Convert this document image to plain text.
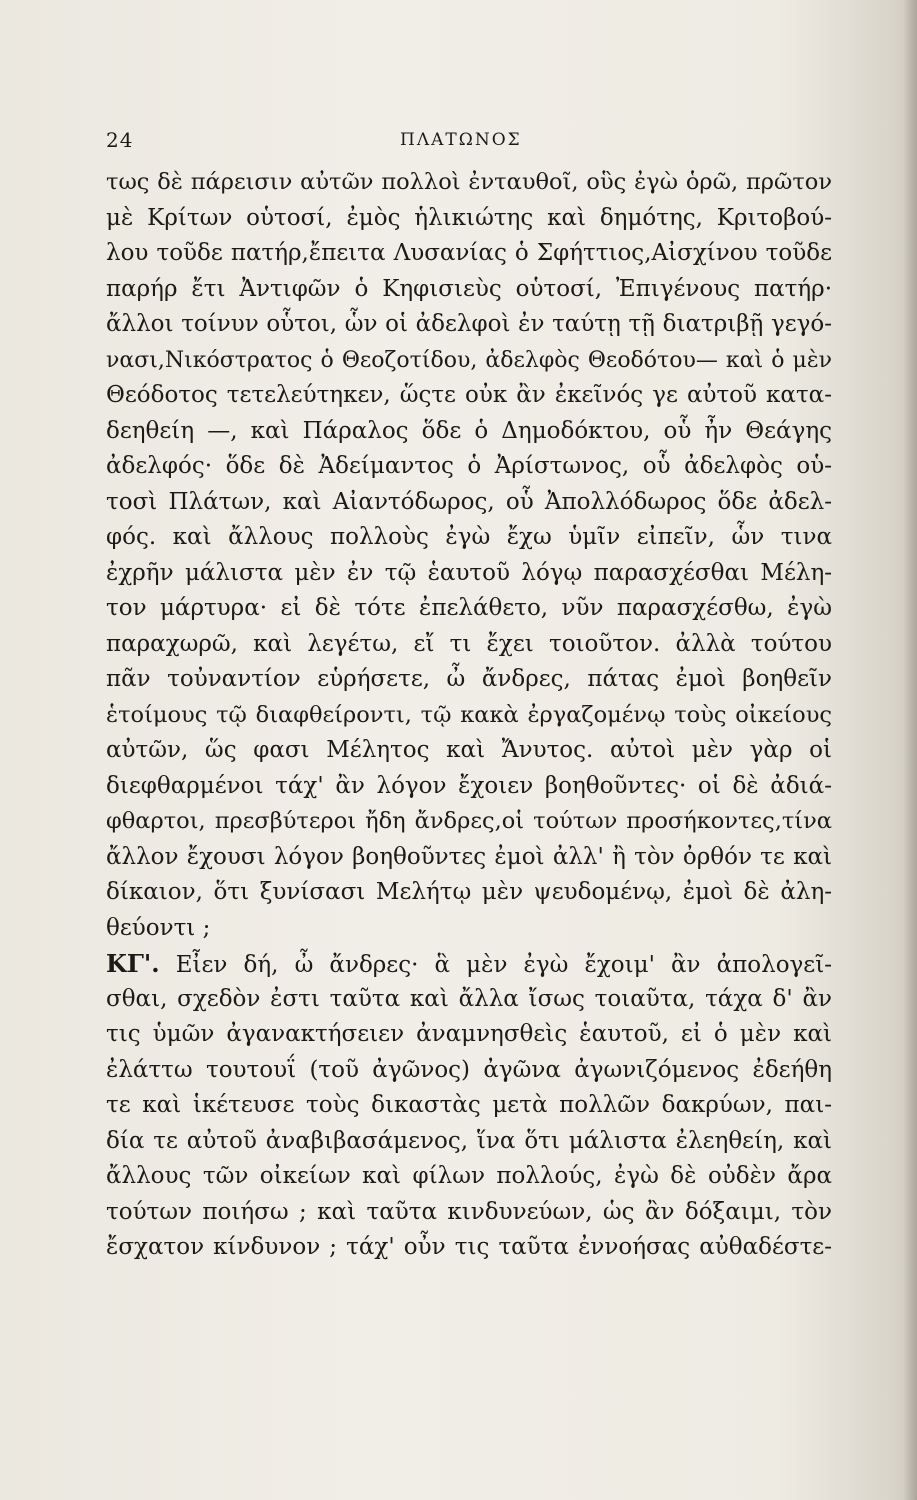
24	ΠΛΑΤΩΝΟΣ
τως δὲ πάρεισιν αὐτῶν πολλοὶ ἐνταυθοῖ, οὓς ἐγὼ ὁρῶ, πρῶτον
μὲ Κρίτων οὑτοσί, ἐμὸς ἡλικιώτης καὶ δημότης, Κριτοβού-
λου τοῦδε πατήρ,ἔπειτα Λυσανίας ὁ Σφήττιος,Αἰσχίνου τοῦδε
παρήρ ἔτι Ἀντιφῶν ὁ Κηφισιεὺς οὑτοσί, Ἐπιγένους πατήρ·
ἄλλοι τοίνυν οὗτοι, ὧν οἱ ἀδελφοὶ ἐν ταύτῃ τῇ διατριβῇ γεγό-
νασι,Νικόστρατος ὁ Θεοζοτίδου, ἀδελφὸς Θεοδότου— καὶ ὁ μὲν
Θεόδοτος τετελεύτηκεν, ὥςτε οὐκ ἂν ἐκεῖνός γε αὐτοῦ κατα-
δεηθείη —, καὶ Πάραλος ὅδε ὁ Δημοδόκτου, οὗ ἦν Θεάγης
ἀδελφός· ὅδε δὲ Ἀδείμαντος ὁ Ἀρίστωνος, οὗ ἀδελφὸς οὑ-
τοσὶ Πλάτων, καὶ Αἰαντόδωρος, οὗ Ἀπολλόδωρος ὅδε ἀδελ-
φός. καὶ ἄλλους πολλοὺς ἐγὼ ἔχω ὑμῖν εἰπεῖν, ὧν τινα
ἐχρῆν μάλιστα μὲν ἐν τῷ ἑαυτοῦ λόγῳ παρασχέσθαι Μέλη-
τον μάρτυρα· εἰ δὲ τότε ἐπελάθετο, νῦν παρασχέσθω, ἐγὼ
παραχωρῶ, καὶ λεγέτω, εἴ τι ἔχει τοιοῦτον. ἀλλὰ τούτου
πᾶν τοὐναντίον εὑρήσετε, ὦ ἄνδρες, πάτας ἐμοὶ βοηθεῖν
ἑτοίμους τῷ διαφθείροντι, τῷ κακὰ ἐργαζομένῳ τοὺς οἰκείους
αὐτῶν, ὥς φασι Μέλητος καὶ Ἄνυτος. αὐτοὶ μὲν γὰρ οἱ
διεφθαρμένοι τάχ' ἂν λόγον ἔχοιεν βοηθοῦντες· οἱ δὲ ἀδιά-
φθαρτοι, πρεσβύτεροι ἤδη ἄνδρες,οἱ τούτων προσήκοντες,τίνα
ἄλλον ἔχουσι λόγον βοηθοῦντες ἐμοὶ ἀλλ' ἢ τὸν ὀρθόν τε καὶ
δίκαιον, ὅτι ξυνίσασι Μελήτῳ μὲν ψευδομένῳ, ἐμοὶ δὲ ἀλη-
θεύοντι ;
ΚΓ'. Εἶεν δή, ὦ ἄνδρες· ἃ μὲν ἐγὼ ἔχοιμ' ἂν ἀπολογεῖ-
σθαι, σχεδὸν ἐστι ταῦτα καὶ ἄλλα ἴσως τοιαῦτα, τάχα δ' ἂν
τις ὑμῶν ἀγανακτήσειεν ἀναμνησθεὶς ἑαυτοῦ, εἰ ὁ μὲν καὶ
ἐλάττω τουτουΐ (τοῦ ἀγῶνος) ἀγῶνα ἀγωνιζόμενος ἐδεήθη
τε καὶ ἱκέτευσε τοὺς δικαστὰς μετὰ πολλῶν δακρύων, παι-
δία τε αὐτοῦ ἀναβιβασάμενος, ἵνα ὅτι μάλιστα ἐλεηθείη, καὶ
ἄλλους τῶν οἰκείων καὶ φίλων πολλούς, ἐγὼ δὲ οὐδὲν ἄρα
τούτων ποιήσω ; καὶ ταῦτα κινδυνεύων, ὡς ἂν δόξαιμι, τὸν
ἔσχατον κίνδυνον ; τάχ' οὖν τις ταῦτα ἐννοήσας αὐθαδέστε-
